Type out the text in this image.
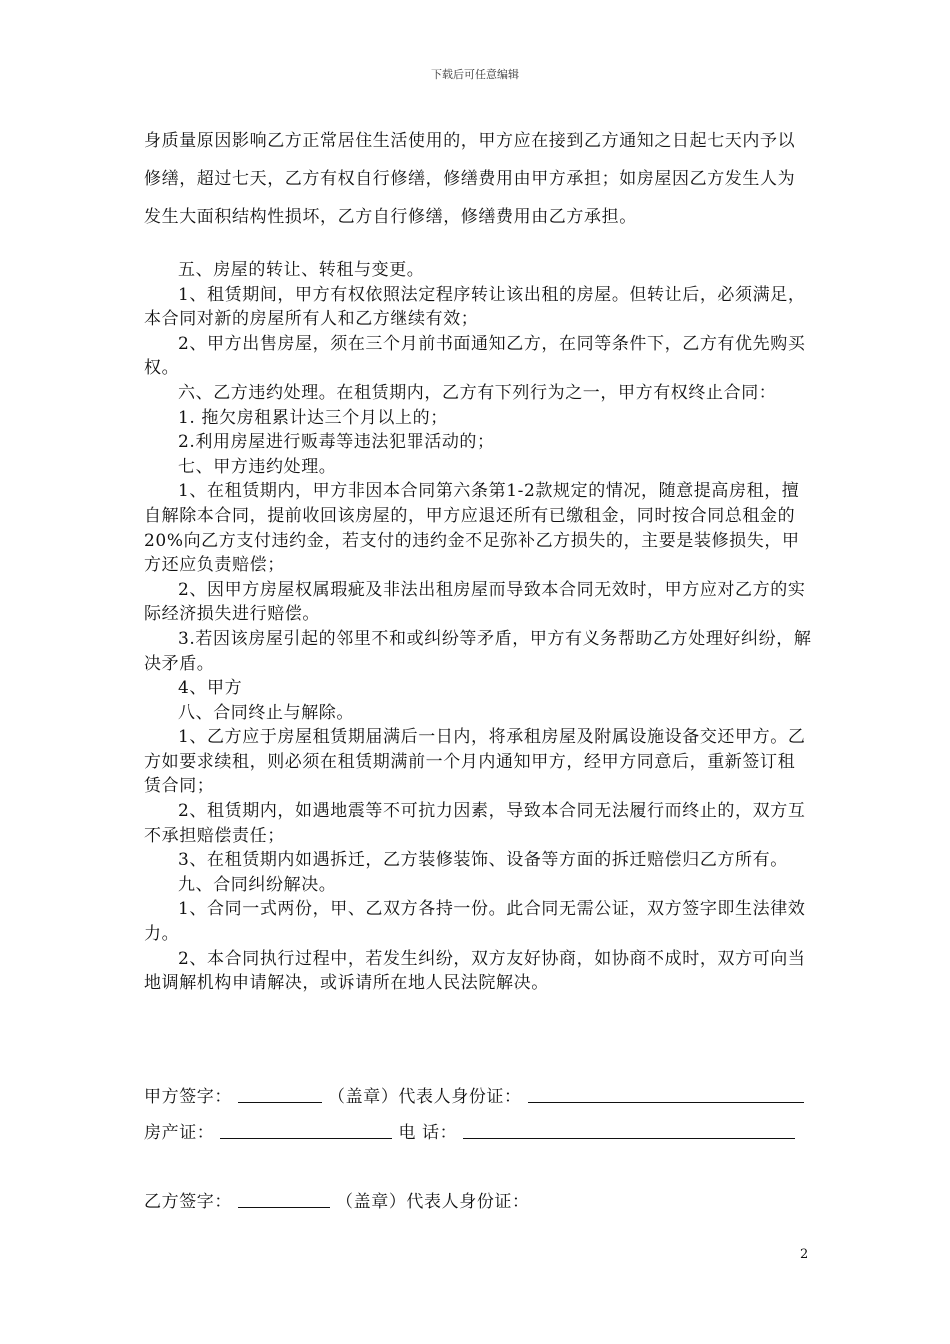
下载后可任意编辑
身质量原因影响乙方正常居住生活使用的，甲方应在接到乙方通知之日起七天内予以修缮，超过七天，乙方有权自行修缮，修缮费用由甲方承担；如房屋因乙方发生人为发生大面积结构性损坏，乙方自行修缮，修缮费用由乙方承担。

五、房屋的转让、转租与变更。

1、租赁期间，甲方有权依照法定程序转让该出租的房屋。但转让后，必须满足，本合同对新的房屋所有人和乙方继续有效；

2、甲方出售房屋，须在三个月前书面通知乙方，在同等条件下，乙方有优先购买权。

六、乙方违约处理。在租赁期内，乙方有下列行为之一，甲方有权终止合同：

1. 拖欠房租累计达三个月以上的；

2.利用房屋进行贩毒等违法犯罪活动的；

七、甲方违约处理。

1、在租赁期内，甲方非因本合同第六条第1-2款规定的情况，随意提高房租，擅自解除本合同，提前收回该房屋的，甲方应退还所有已缴租金，同时按合同总租金的20%向乙方支付违约金，若支付的违约金不足弥补乙方损失的，主要是装修损失，甲方还应负责赔偿；

2、因甲方房屋权属瑕疵及非法出租房屋而导致本合同无效时，甲方应对乙方的实际经济损失进行赔偿。

3.若因该房屋引起的邻里不和或纠纷等矛盾，甲方有义务帮助乙方处理好纠纷，解决矛盾。

4、甲方

八、合同终止与解除。

1、乙方应于房屋租赁期届满后一日内，将承租房屋及附属设施设备交还甲方。乙方如要求续租，则必须在租赁期满前一个月内通知甲方，经甲方同意后，重新签订租赁合同；

2、租赁期内，如遇地震等不可抗力因素，导致本合同无法履行而终止的，双方互不承担赔偿责任；

3、在租赁期内如遇拆迁，乙方装修装饰、设备等方面的拆迁赔偿归乙方所有。

九、合同纠纷解决。

1、合同一式两份，甲、乙双方各持一份。此合同无需公证，双方签字即生法律效力。

2、本合同执行过程中，若发生纠纷，双方友好协商，如协商不成时，双方可向当地调解机构申请解决，或诉请所在地人民法院解决。

甲方签字：	（盖章）代表人身份证：
房产证：	电 话：
乙方签字：	（盖章）代表人身份证：
2
